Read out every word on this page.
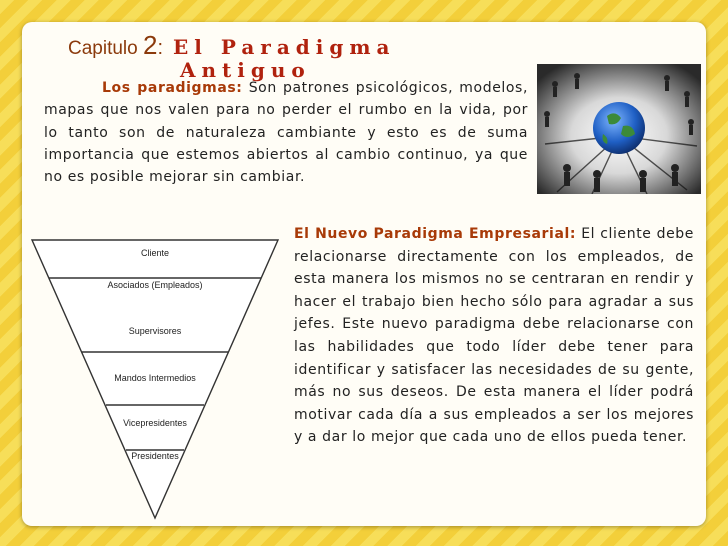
Capitulo 2: El Paradigma
Antiguo
Los paradigmas: Son patrones psicológicos, modelos, mapas que nos valen para no perder el rumbo en la vida, por lo tanto son de naturaleza cambiante y esto es de suma importancia que estemos abiertos al cambio continuo, ya que no es posible mejorar sin cambiar.
Cliente
Asociados (Empleados)
Supervisores
Mandos Intermedios
Vicepresidentes
Presidentes
El Nuevo Paradigma Empresarial: El cliente debe relacionarse directamente con los empleados, de esta manera los mismos no se centraran en rendir y hacer el trabajo bien hecho sólo para agradar a sus jefes. Este nuevo paradigma debe relacionarse con las habilidades que todo líder debe tener para identificar y satisfacer las necesidades de su gente, más no sus deseos. De esta manera el líder podrá motivar cada día a sus empleados a ser los mejores y a dar lo mejor que cada uno de ellos pueda tener.
